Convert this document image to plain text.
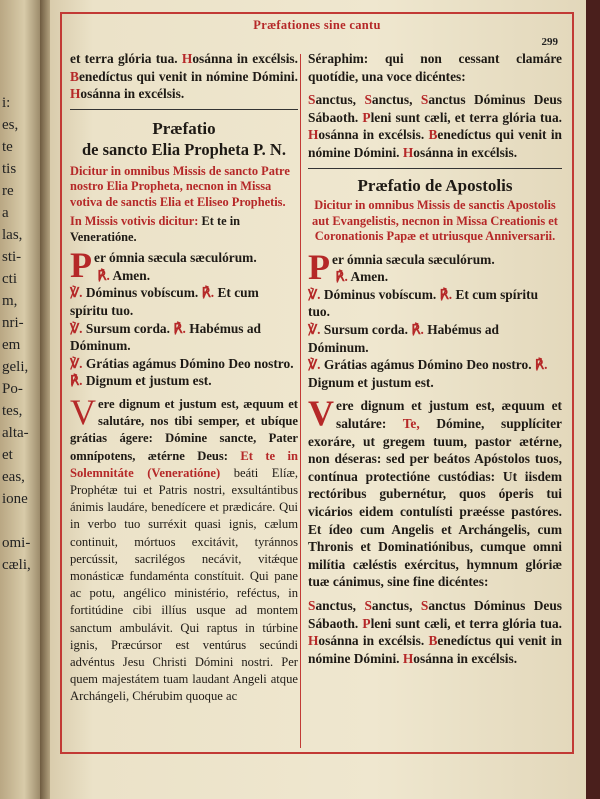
i:
es,
te
tis
re
a
las,
sti-
cti
m,
nri-
em
geli,
Po-
tes,
alta-
et
eas,
ione

omi-
cæli,
Præfationes sine cantu
299

et terra glória tua. Hosánna in excélsis. Benedíctus qui venit in nómine Dómini. Hosánna in excélsis.

Præfatio
de sancto Elia Propheta P. N.

Dicitur in omnibus Missis de sancto Patre nostro Elia Propheta, necnon in Missa votiva de sanctis Elia et Eliseo Prophetis.

In Missis votivis dicitur: Et te in Veneratióne.

Per ómnia sæcula sæculórum.
℟. Amen.

℣. Dóminus vobíscum. ℟. Et cum spíritu tuo.

℣. Sursum corda. ℟. Habémus ad Dóminum.

℣. Grátias agámus Dómino Deo nostro. ℟. Dignum et justum est.

Vere dignum et justum est, æquum et salutáre, nos tibi semper, et ubíque grátias ágere: Dómine sancte, Pater omnípotens, ætérne Deus: Et te in Solemnitáte (Veneratióne) beáti Elíæ, Prophétæ tui et Patris nostri, exsultántibus ánimis laudáre, benedícere et prædicáre. Qui in verbo tuo surréxit quasi ignis, cælum continuit, mórtuos excitávit, tyránnos percússit, sacrilégos necávit, vitǽque monásticæ fundaménta constítuit. Qui pane ac potu, angélico ministério, reféctus, in fortitúdine cibi illíus usque ad montem sanctum ambulávit. Qui raptus in túrbine ignis, Præcúrsor est ventúrus secúndi advéntus Jesu Christi Dómini nostri. Per quem majestátem tuam laudant Angeli atque Archángeli, Chérubim quoque ac

Séraphim: qui non cessant clamáre quotídie, una voce dicéntes:

Sanctus, Sanctus, Sanctus Dóminus Deus Sábaoth. Pleni sunt cæli, et terra glória tua. Hosánna in excélsis. Benedíctus qui venit in nómine Dómini. Hosánna in excélsis.

Præfatio de Apostolis

Dicitur in omnibus Missis de sanctis Apostolis aut Evangelistis, necnon in Missa Creationis et Coronationis Papæ et utriusque Anniversarii.

Per ómnia sæcula sæculórum.
℟. Amen.

℣. Dóminus vobíscum. ℟. Et cum spíritu tuo.

℣. Sursum corda. ℟. Habémus ad Dóminum.

℣. Grátias agámus Dómino Deo nostro. ℟. Dignum et justum est.

Vere dignum et justum est, æquum et salutáre: Te, Dómine, supplíciter exoráre, ut gregem tuum, pastor ætérne, non déseras: sed per beátos Apóstolos tuos, contínua protectióne custódias: Ut iisdem rectóribus gubernétur, quos óperis tui vicários eidem contulísti præésse pastóres. Et ídeo cum Angelis et Archángelis, cum Thronis et Dominatiónibus, cumque omni milítia cæléstis exércitus, hymnum glóriæ tuæ cánimus, sine fine dicéntes:

Sanctus, Sanctus, Sanctus Dóminus Deus Sábaoth. Pleni sunt cæli, et terra glória tua. Hosánna in excélsis. Benedíctus qui venit in nómine Dómini. Hosánna in excélsis.
